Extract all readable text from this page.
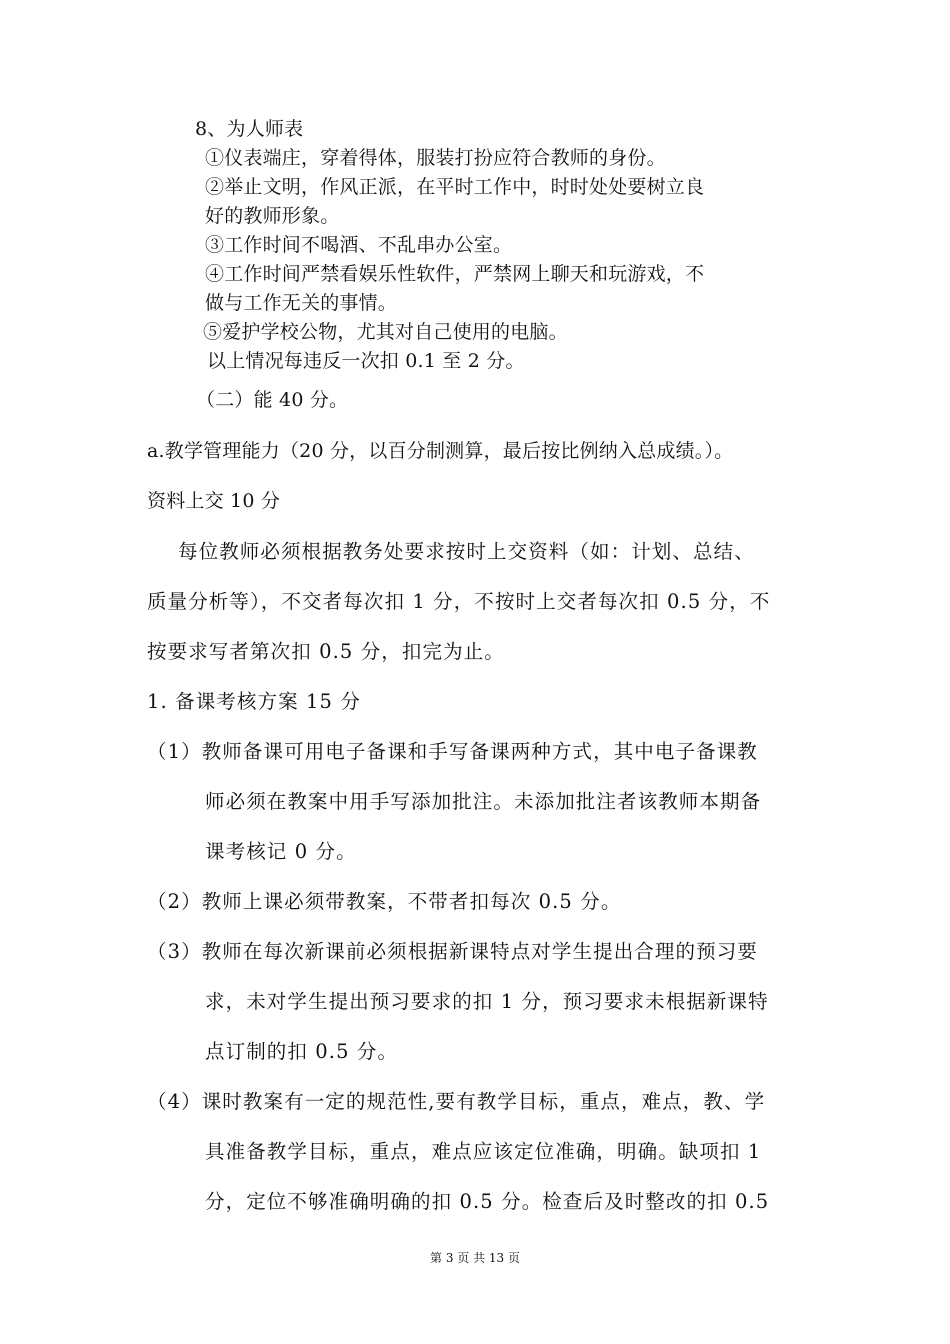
8、为人师表
①仪表端庄，穿着得体，服装打扮应符合教师的身份。
②举止文明，作风正派，在平时工作中，时时处处要树立良
好的教师形象。
③工作时间不喝酒、不乱串办公室。
④工作时间严禁看娱乐性软件，严禁网上聊天和玩游戏，不
做与工作无关的事情。
⑤爱护学校公物，尤其对自己使用的电脑。
以上情况每违反一次扣 0.1 至 2 分。
（二）能 40 分。
a.教学管理能力（20 分，以百分制测算，最后按比例纳入总成绩。）。
资料上交 10 分
每位教师必须根据教务处要求按时上交资料（如：计划、总结、
质量分析等），不交者每次扣 1 分，不按时上交者每次扣 0.5 分，不
按要求写者第次扣 0.5 分，扣完为止。
1. 备课考核方案 15 分
（1）教师备课可用电子备课和手写备课两种方式，其中电子备课教
师必须在教案中用手写添加批注。未添加批注者该教师本期备
课考核记 0 分。
（2）教师上课必须带教案，不带者扣每次 0.5 分。
（3）教师在每次新课前必须根据新课特点对学生提出合理的预习要
求，未对学生提出预习要求的扣 1 分，预习要求未根据新课特
点订制的扣 0.5 分。
（4）课时教案有一定的规范性,要有教学目标，重点，难点，教、学
具准备教学目标，重点，难点应该定位准确，明确。缺项扣 1
分，定位不够准确明确的扣 0.5 分。检查后及时整改的扣 0.5
第 3 页 共 13 页
